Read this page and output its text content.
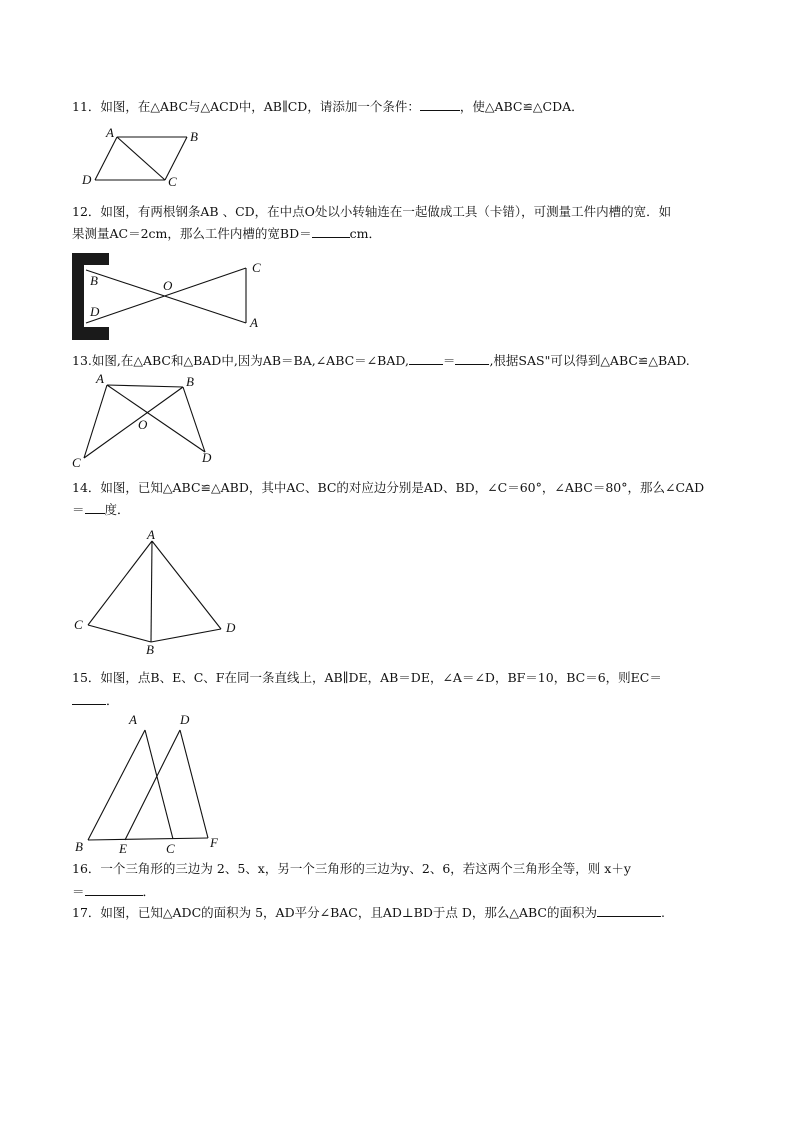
11．如图，在△ABC与△ACD中，AB∥CD，请添加一个条件：	，使△ABC≌△CDA．
A	B
D	C
12．如图，有两根钢条AB 、CD，在中点O处以小转轴连在一起做成工具（卡错），可测量工件内槽的宽．如
果测量AC＝2cm，那么工件内槽的宽BD＝	cm．
B
D
O
C
A
13.如图,在△ABC和△BAD中,因为AB＝BA,∠ABC＝∠BAD,	＝	,根据SAS"可以得到△ABC≌△BAD.
A	B
O
C	D
14．如图，已知△ABC≌△ABD，其中AC、BC的对应边分别是AD、BD，∠C＝60°，∠ABC＝80°，那么∠CAD
＝ 度．
A
C
B
D
15．如图，点B、E、C、F在同一条直线上，AB∥DE，AB＝DE，∠A＝∠D，BF＝10，BC＝6，则EC＝
．
A	D
B	E	C	F
16．一个三角形的三边为 2、5、x，另一个三角形的三边为y、2、6，若这两个三角形全等，则 x＋y
＝	．
17．如图，已知△ADC的面积为 5，AD平分∠BAC，且AD⊥BD于点 D，那么△ABC的面积为	.
